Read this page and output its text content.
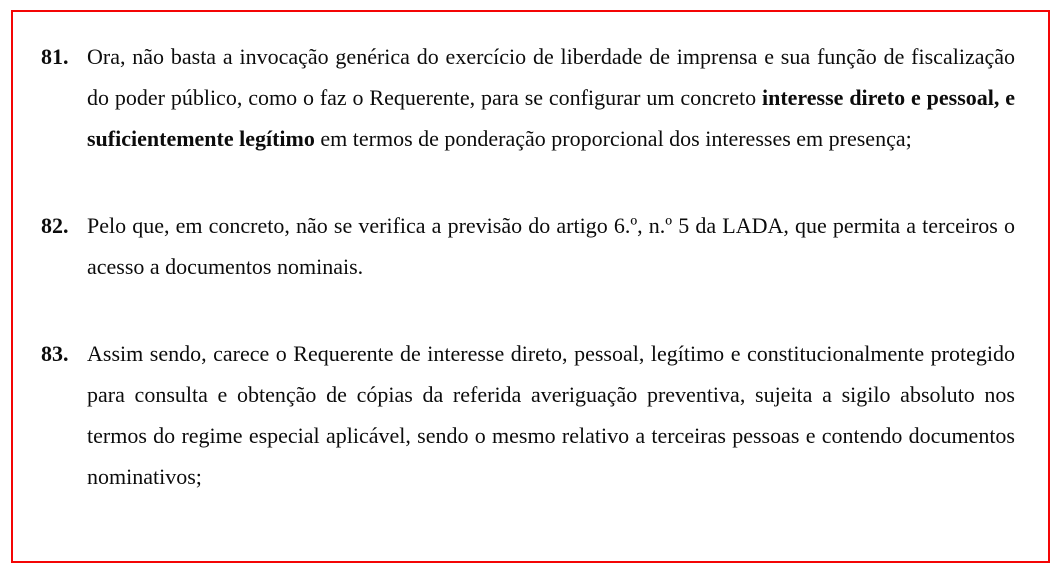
81. Ora, não basta a invocação genérica do exercício de liberdade de imprensa e sua função de fiscalização do poder público, como o faz o Requerente, para se configurar um concreto interesse direto e pessoal, e suficientemente legítimo em termos de ponderação proporcional dos interesses em presença;
82. Pelo que, em concreto, não se verifica a previsão do artigo 6.º, n.º 5 da LADA, que permita a terceiros o acesso a documentos nominais.
83. Assim sendo, carece o Requerente de interesse direto, pessoal, legítimo e constitucionalmente protegido para consulta e obtenção de cópias da referida averiguação preventiva, sujeita a sigilo absoluto nos termos do regime especial aplicável, sendo o mesmo relativo a terceiras pessoas e contendo documentos nominativos;
